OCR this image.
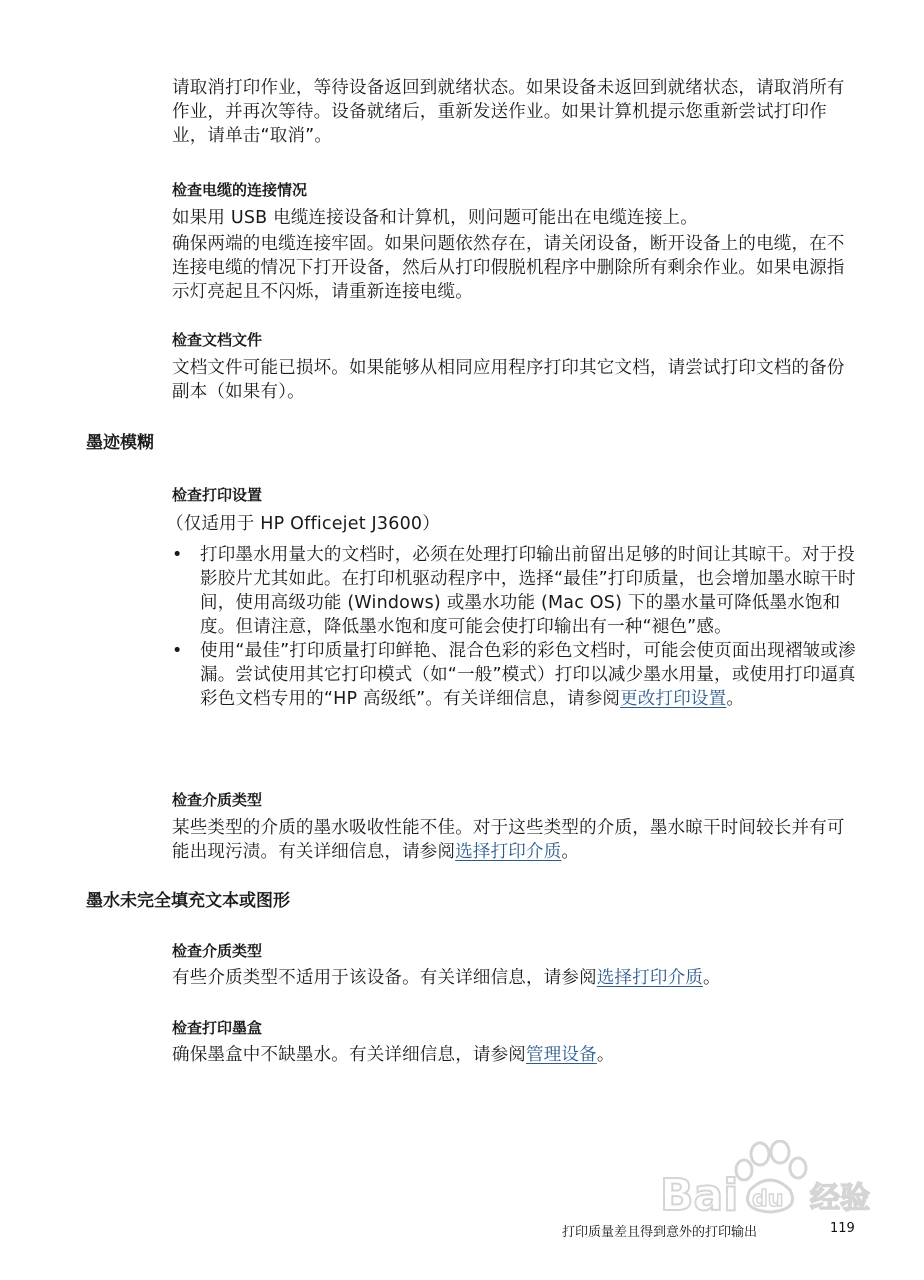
请取消打印作业，等待设备返回到就绪状态。如果设备未返回到就绪状态，请取消所有作业，并再次等待。设备就绪后，重新发送作业。如果计算机提示您重新尝试打印作业，请单击“取消”。
检查电缆的连接情况
如果用 USB 电缆连接设备和计算机，则问题可能出在电缆连接上。
确保两端的电缆连接牢固。如果问题依然存在，请关闭设备，断开设备上的电缆，在不连接电缆的情况下打开设备，然后从打印假脱机程序中删除所有剩余作业。如果电源指示灯亮起且不闪烁，请重新连接电缆。
检查文档文件
文档文件可能已损坏。如果能够从相同应用程序打印其它文档，请尝试打印文档的备份副本（如果有）。
墨迹模糊
检查打印设置
（仅适用于 HP Officejet J3600）
• 打印墨水用量大的文档时，必须在处理打印输出前留出足够的时间让其晾干。对于投影胶片尤其如此。在打印机驱动程序中，选择“最佳”打印质量，也会增加墨水晾干时间，使用高级功能 (Windows) 或墨水功能 (Mac OS) 下的墨水量可降低墨水饱和度。但请注意，降低墨水饱和度可能会使打印输出有一种“褪色”感。
• 使用“最佳”打印质量打印鲜艳、混合色彩的彩色文档时，可能会使页面出现褶皱或渗漏。尝试使用其它打印模式（如“一般”模式）打印以减少墨水用量，或使用打印逼真彩色文档专用的“HP 高级纸”。有关详细信息，请参阅更改打印设置。
检查介质类型
某些类型的介质的墨水吸收性能不佳。对于这些类型的介质，墨水晾干时间较长并有可能出现污渍。有关详细信息，请参阅选择打印介质。
墨水未完全填充文本或图形
检查介质类型
有些介质类型不适用于该设备。有关详细信息，请参阅选择打印介质。
检查打印墨盒
确保墨盒中不缺墨水。有关详细信息，请参阅管理设备。
Bai du 经验
打印质量差且得到意外的打印输出	119
